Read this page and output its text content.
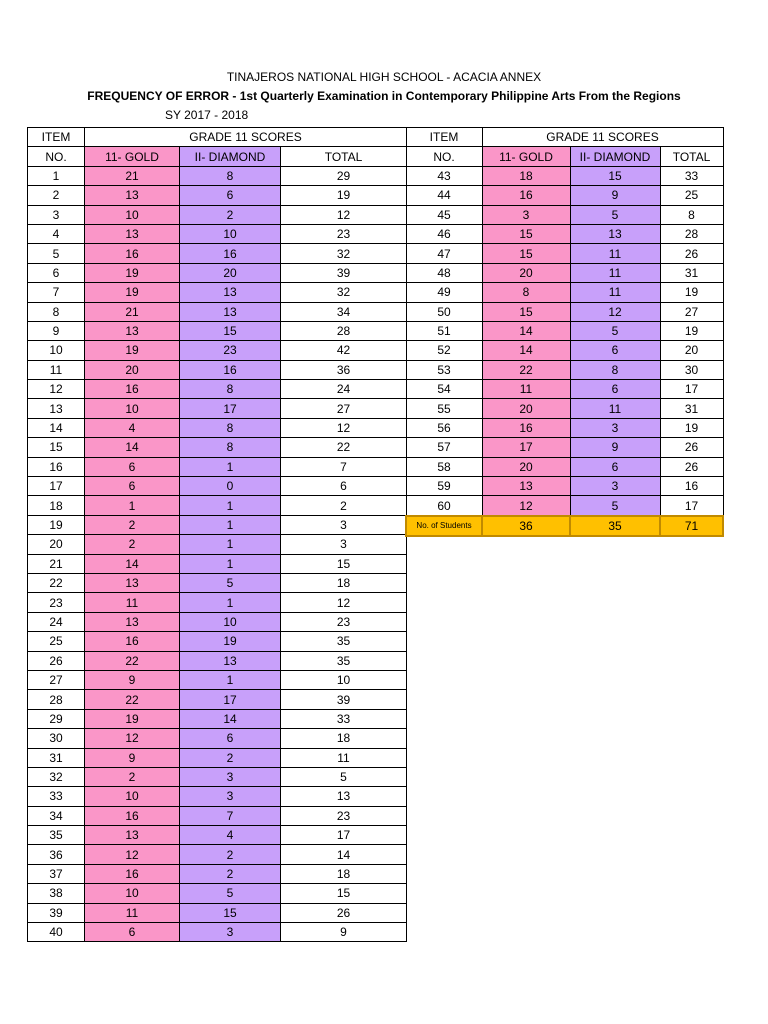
TINAJEROS NATIONAL HIGH SCHOOL - ACACIA ANNEX
FREQUENCY OF ERROR - 1st Quarterly Examination in Contemporary Philippine Arts From the Regions
SY 2017 - 2018
ITEM	GRADE 11 SCORES		
NO.	11- GOLD	II- DIAMOND	TOTAL
1	21	8	29
2	13	6	19
3	10	2	12
4	13	10	23
5	16	16	32
6	19	20	39
7	19	13	32
8	21	13	34
9	13	15	28
10	19	23	42
11	20	16	36
12	16	8	24
13	10	17	27
14	4	8	12
15	14	8	22
16	6	1	7
17	6	0	6
18	1	1	2
19	2	1	3
20	2	1	3
21	14	1	15
22	13	5	18
23	11	1	12
24	13	10	23
25	16	19	35
26	22	13	35
27	9	1	10
28	22	17	39
29	19	14	33
30	12	6	18
31	9	2	11
32	2	3	5
33	10	3	13
34	16	7	23
35	13	4	17
36	12	2	14
37	16	2	18
38	10	5	15
39	11	15	26
40	6	3	9
ITEM	GRADE 11 SCORES		
NO.	11- GOLD	II- DIAMOND	TOTAL
43	18	15	33
44	16	9	25
45	3	5	8
46	15	13	28
47	15	11	26
48	20	11	31
49	8	11	19
50	15	12	27
51	14	5	19
52	14	6	20
53	22	8	30
54	11	6	17
55	20	11	31
56	16	3	19
57	17	9	26
58	20	6	26
59	13	3	16
60	12	5	17
No. of Students	36	35	71
